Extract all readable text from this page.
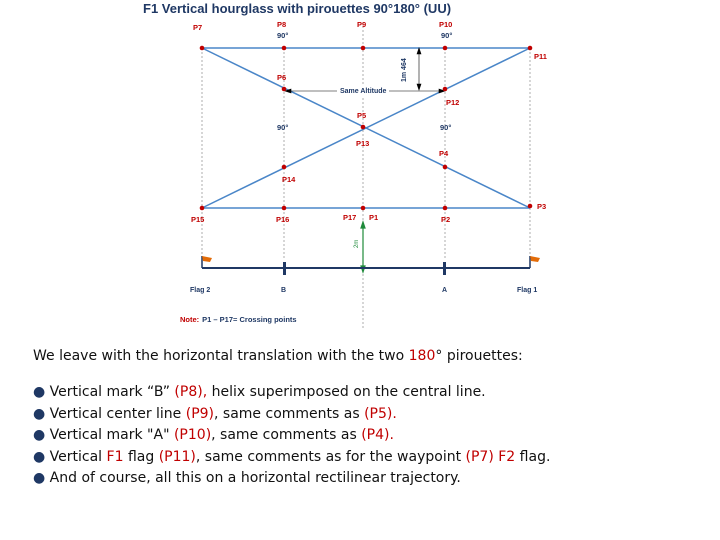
F1 Vertical hourglass with pirouettes 90°180° (UU)
Same Altitude
1m 464
2m
P7	P8
90°
P9	P10
90°
P11
P6
P12
P5
90°	90°
P13
P4
P14
P3
P15	P16	P17 P1	P2
Flag 2	B	A	Flag 1
Note: P1 – P17= Crossing points

We leave with the horizontal translation with the two 180° pirouettes:

● Vertical mark “B” (P8), helix superimposed on the central line.

● Vertical center line (P9), same comments as (P5).

● Vertical mark "A" (P10), same comments as (P4).

● Vertical F1 flag (P11), same comments as for the waypoint (P7) F2 flag.

● And of course, all this on a horizontal rectilinear trajectory.
